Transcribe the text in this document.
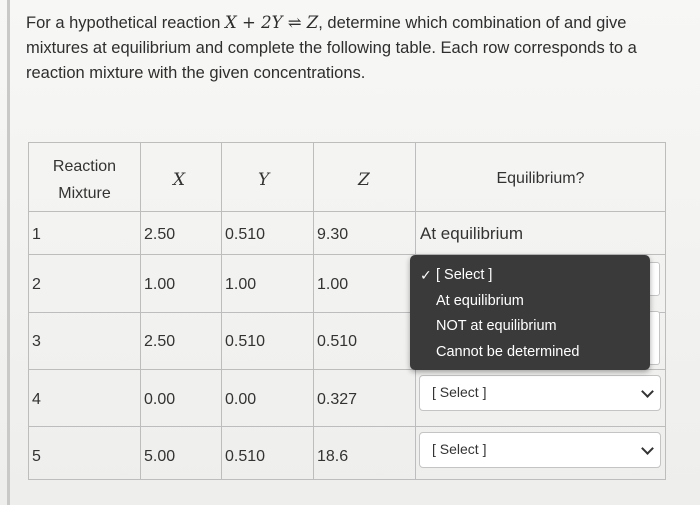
For a hypothetical reaction X + 2Y ⇌ Z, determine which combination of and give mixtures at equilibrium and complete the following table. Each row corresponds to a reaction mixture with the given concentrations.
Reaction
Mixture
X	Y	Z	Equilibrium?
1	2.50	0.510	9.30	At equilibrium
2	1.00	1.00	1.00
3	2.50	0.510	0.510
4	0.00	0.00	0.327
5	5.00	0.510	18.6
[ Select ]
[ Select ]
✓ [ Select ]
At equilibrium
NOT at equilibrium
Cannot be determined
